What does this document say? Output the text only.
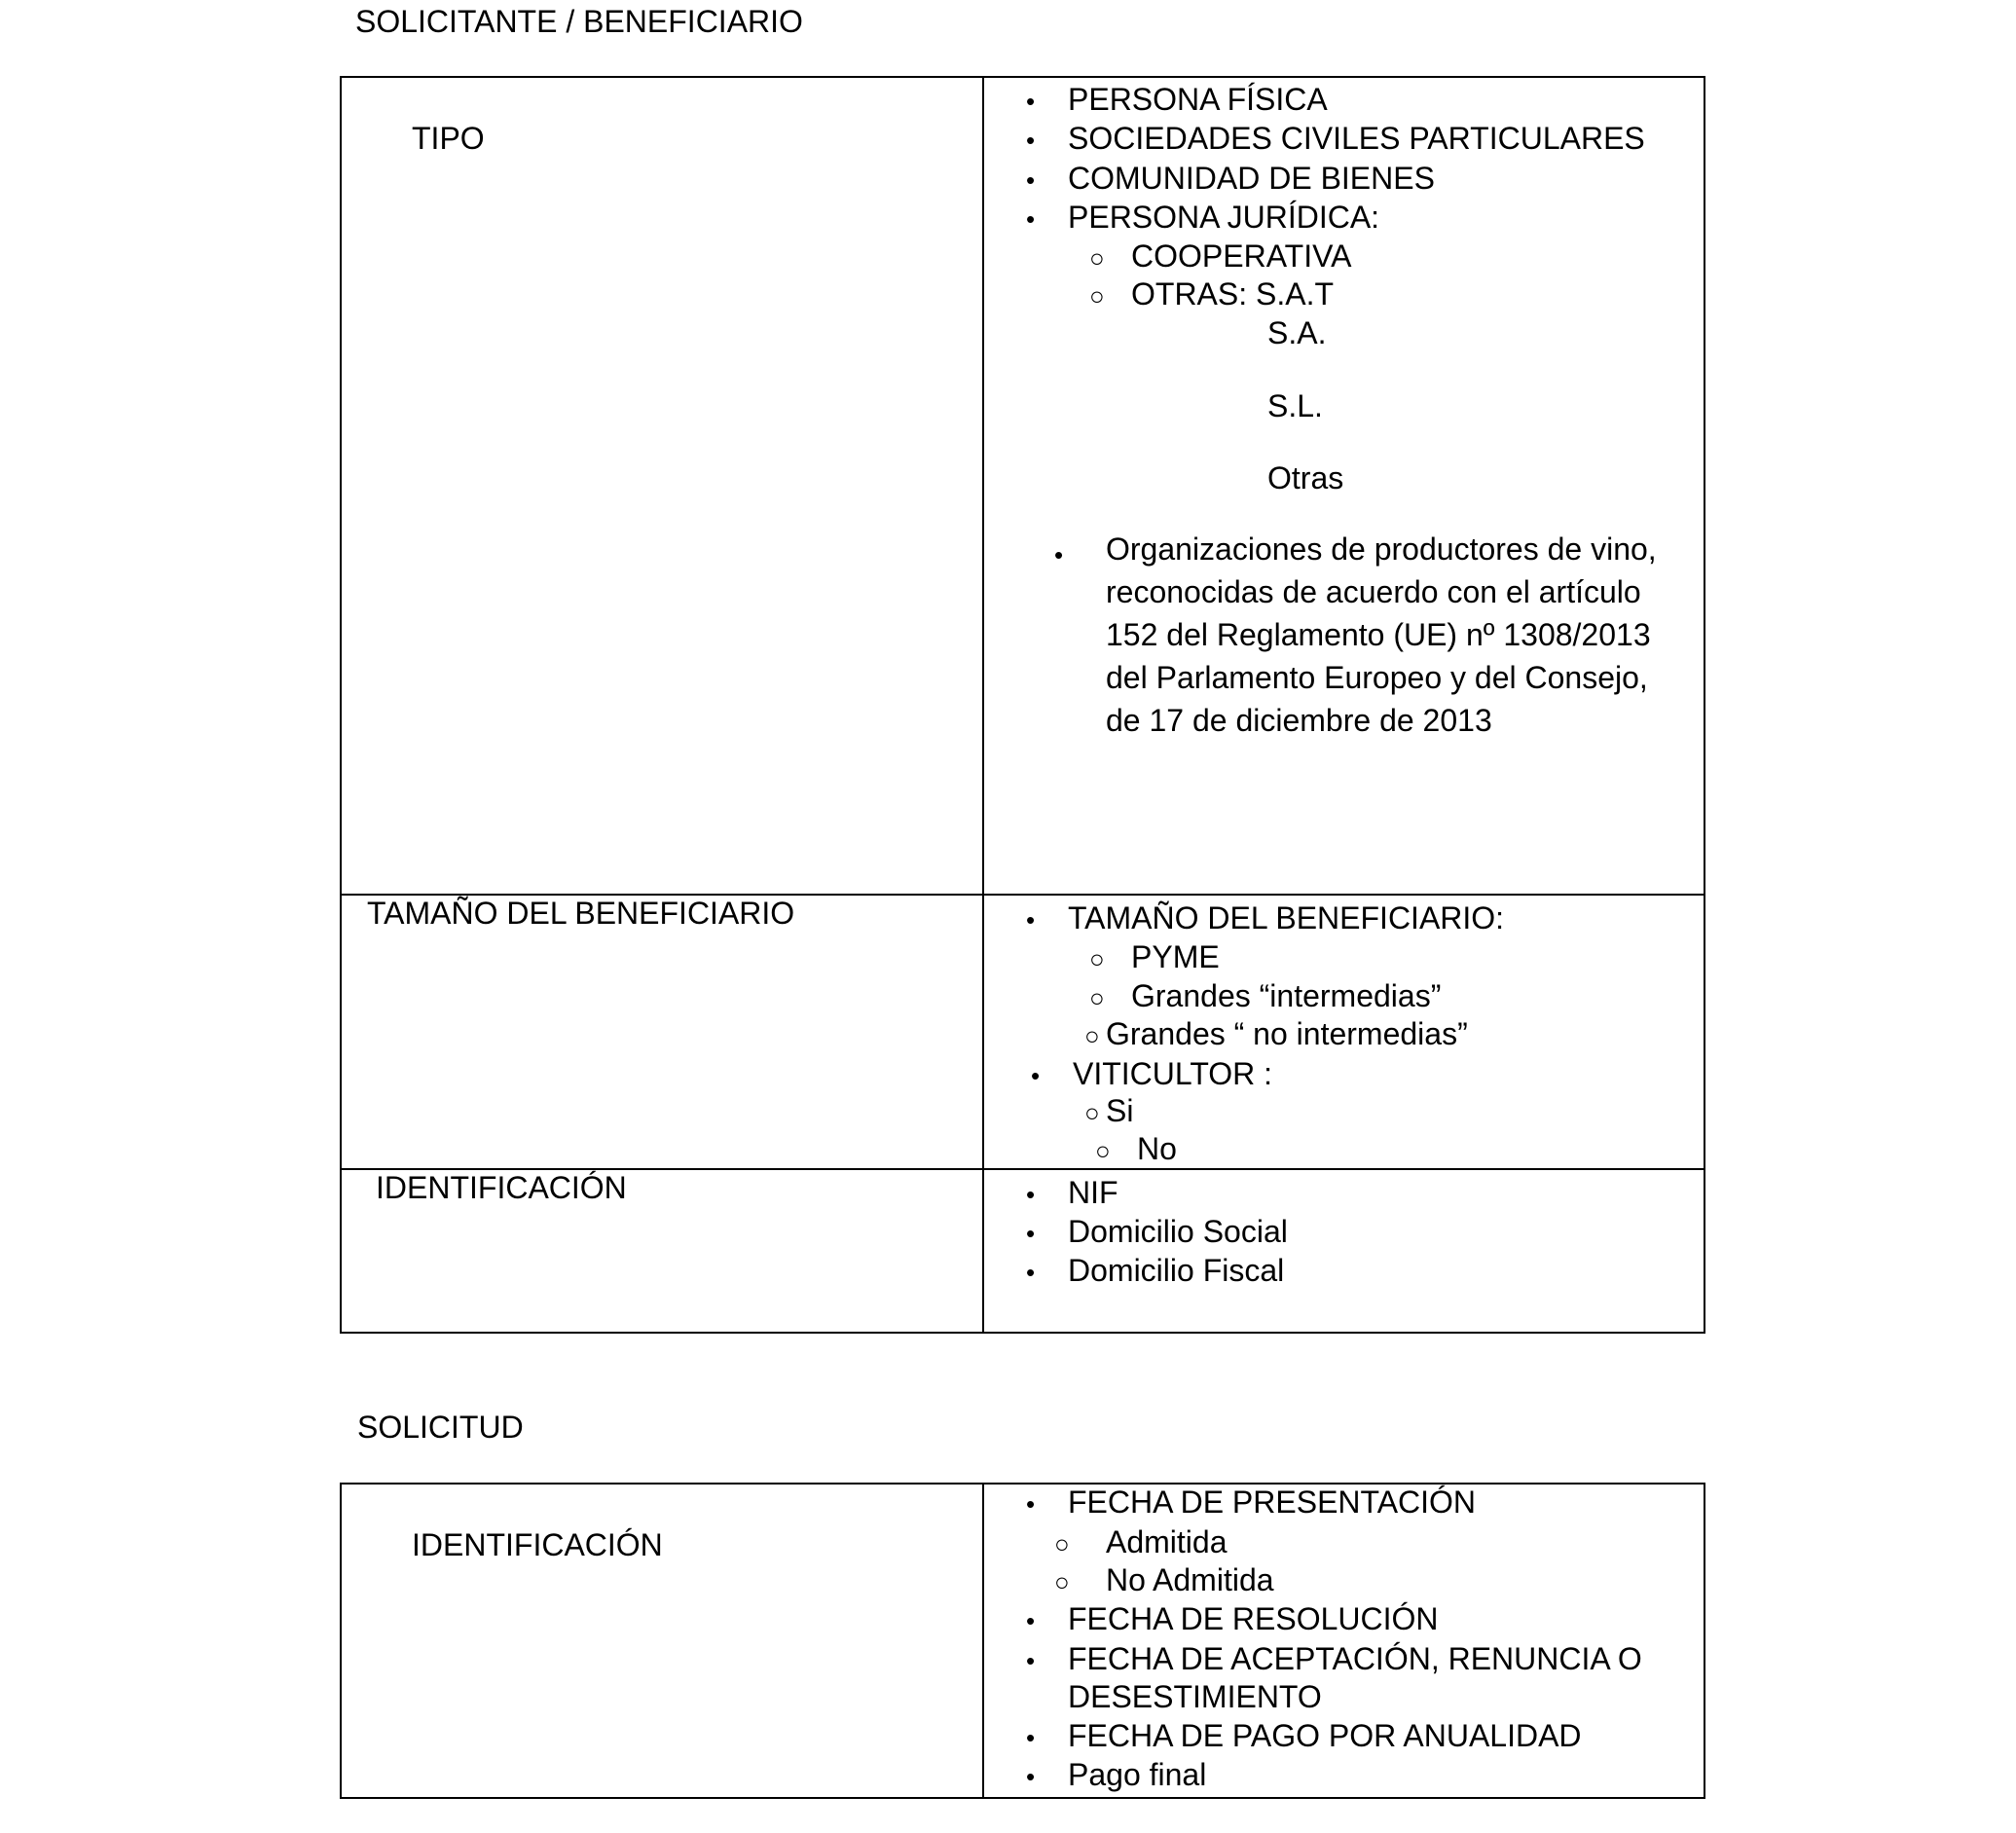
SOLICITANTE / BENEFICIARIO
TIPO
• PERSONA FÍSICA
• SOCIEDADES CIVILES PARTICULARES
• COMUNIDAD DE BIENES
• PERSONA JURÍDICA:
○ COOPERATIVA
○ OTRAS: S.A.T
S.A.
S.L.
Otras
• Organizaciones de productores de vino, reconocidas de acuerdo con el artículo 152 del Reglamento (UE) nº 1308/2013 del Parlamento Europeo y del Consejo, de 17 de diciembre de 2013
TAMAÑO DEL BENEFICIARIO	• TAMAÑO DEL BENEFICIARIO:
○ PYME
○ Grandes “intermedias”
○ Grandes “ no intermedias”
• VITICULTOR :
○ Si
○ No
IDENTIFICACIÓN	• NIF
• Domicilio Social
• Domicilio Fiscal
SOLICITUD
IDENTIFICACIÓN
• FECHA DE PRESENTACIÓN
○ Admitida
○ No Admitida
• FECHA DE RESOLUCIÓN
• FECHA DE ACEPTACIÓN, RENUNCIA O
DESESTIMIENTO
• FECHA DE PAGO POR ANUALIDAD
• Pago final
